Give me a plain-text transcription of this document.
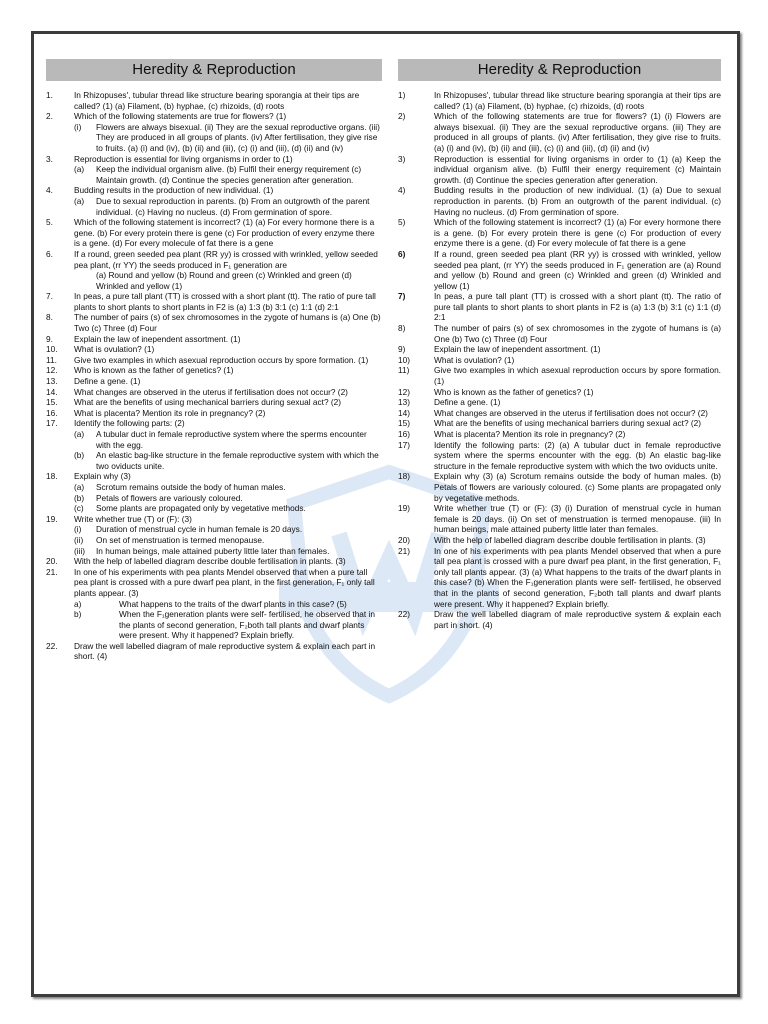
Heredity & Reproduction
1.	In Rhizopuses', tubular thread like structure bearing sporangia at their tips are called? (1) (a) Filament, (b) hyphae, (c) rhizoids, (d) roots
2.	Which of the following statements are true for flowers? (1)
(i)	Flowers are always bisexual. (ii) They are the sexual reproductive organs. (iii) They are produced in all groups of plants. (iv) After fertilisation, they give rise to fruits. (a) (i) and (iv), (b) (ii) and (iii), (c) (i) and (iii), (d) (ii) and (iv)
3.	Reproduction is essential for living organisms in order to (1)
(a)	Keep the individual organism alive. (b) Fulfil their energy requirement (c) Maintain growth. (d) Continue the species generation after generation.
4.	Budding results in the production of new individual. (1)
(a)	Due to sexual reproduction in parents. (b) From an outgrowth of the parent individual. (c) Having no nucleus. (d) From germination of spore.
5.	Which of the following statement is incorrect? (1) (a) For every hormone there is a gene. (b) For every protein there is gene (c) For production of every enzyme there is a gene. (d) For every molecule of fat there is a gene
6.	If a round, green seeded pea plant (RR yy) is crossed with wrinkled, yellow seeded pea plant, (rr YY) the seeds produced in F₁ generation are
(a) Round and yellow (b) Round and green (c) Wrinkled and green (d) Wrinkled and yellow (1)
7.	In peas, a pure tall plant (TT) is crossed with a short plant (tt). The ratio of pure tall plants to short plants to short plants in F2 is (a) 1:3 (b) 3:1 (c) 1:1 (d) 2:1
8.	The number of pairs (s) of sex chromosomes in the zygote of humans is (a) One (b) Two (c) Three (d) Four
9.	Explain the law of inependent assortment. (1)
10.	What is ovulation? (1)
11.	Give two examples in which asexual reproduction occurs by spore formation. (1)
12.	Who is known as the father of genetics? (1)
13.	Define a gene. (1)
14.	What changes are observed in the uterus if fertilisation does not occur? (2)
15.	What are the benefits of using mechanical barriers during sexual act? (2)
16.	What is placenta? Mention its role in pregnancy? (2)
17.	Identify the following parts: (2)
(a)	A tubular duct in female reproductive system where the sperms encounter with the egg.
(b)	An elastic bag-like structure in the female reproductive system with which the two oviducts unite.
18.	Explain why (3)
(a)	Scrotum remains outside the body of human males.
(b)	Petals of flowers are variously coloured.
(c)	Some plants are propagated only by vegetative methods.
19.	Write whether true (T) or (F): (3)
(i)	Duration of menstrual cycle in human female is 20 days.
(ii)	On set of menstruation is termed menopause.
(iii)	In human beings, male attained puberty little later than females.
20.	With the help of labelled diagram describe double fertilisation in plants. (3)
21.	In one of his experiments with pea plants Mendel observed that when a pure tall pea plant is crossed with a pure dwarf pea plant, in the first generation, F₁ only tall plants appear. (3)
a)	What happens to the traits of the dwarf plants in this case? (5)
b)	When the F₁generation plants were self- fertilised, he observed that in the plants of second generation, F₂both tall plants and dwarf plants were present. Why it happened? Explain briefly.
22.	Draw the well labelled diagram of male reproductive system & explain each part in short. (4)
Heredity & Reproduction
1)	In Rhizopuses', tubular thread like structure bearing sporangia at their tips are called? (1) (a) Filament, (b) hyphae, (c) rhizoids, (d) roots
2)	Which of the following statements are true for flowers? (1) (i) Flowers are always bisexual. (ii) They are the sexual reproductive organs. (iii) They are produced in all groups of plants. (iv) After fertilisation, they give rise to fruits. (a) (i) and (iv), (b) (ii) and (iii), (c) (i) and (iii), (d) (ii) and (iv)
3)	Reproduction is essential for living organisms in order to (1) (a) Keep the individual organism alive. (b) Fulfil their energy requirement (c) Maintain growth. (d) Continue the species generation after generation.
4)	Budding results in the production of new individual. (1) (a) Due to sexual reproduction in parents. (b) From an outgrowth of the parent individual. (c) Having no nucleus. (d) From germination of spore.
5)	Which of the following statement is incorrect? (1) (a) For every hormone there is a gene. (b) For every protein there is gene (c) For production of every enzyme there is a gene. (d) For every molecule of fat there is a gene
6)	If a round, green seeded pea plant (RR yy) is crossed with wrinkled, yellow seeded pea plant, (rr YY) the seeds produced in F₁ generation are (a) Round and yellow (b) Round and green (c) Wrinkled and green (d) Wrinkled and yellow (1)
7)	In peas, a pure tall plant (TT) is crossed with a short plant (tt). The ratio of pure tall plants to short plants to short plants in F2 is (a) 1:3 (b) 3:1 (c) 1:1 (d) 2:1
8)	The number of pairs (s) of sex chromosomes in the zygote of humans is (a) One (b) Two (c) Three (d) Four
9)	Explain the law of inependent assortment. (1)
10)	What is ovulation? (1)
11)	Give two examples in which asexual reproduction occurs by spore formation. (1)
12)	Who is known as the father of genetics? (1)
13)	Define a gene. (1)
14)	What changes are observed in the uterus if fertilisation does not occur? (2)
15)	What are the benefits of using mechanical barriers during sexual act? (2)
16)	What is placenta? Mention its role in pregnancy? (2)
17)	Identify the following parts: (2) (a) A tubular duct in female reproductive system where the sperms encounter with the egg. (b) An elastic bag-like structure in the female reproductive system with which the two oviducts unite.
18)	Explain why (3) (a) Scrotum remains outside the body of human males. (b) Petals of flowers are variously coloured. (c) Some plants are propagated only by vegetative methods.
19)	Write whether true (T) or (F): (3) (i) Duration of menstrual cycle in human female is 20 days. (ii) On set of menstruation is termed menopause. (iii) In human beings, male attained puberty little later than females.
20)	With the help of labelled diagram describe double fertilisation in plants. (3)
21)	In one of his experiments with pea plants Mendel observed that when a pure tall pea plant is crossed with a pure dwarf pea plant, in the first generation, F₁ only tall plants appear. (3) (a) What happens to the traits of the dwarf plants in this case? (b) When the F₁generation plants were self- fertilised, he observed that in the plants of second generation, F₂both tall plants and dwarf plants were present. Why it happened? Explain briefly.
22)	Draw the well labelled diagram of male reproductive system & explain each part in short. (4)
